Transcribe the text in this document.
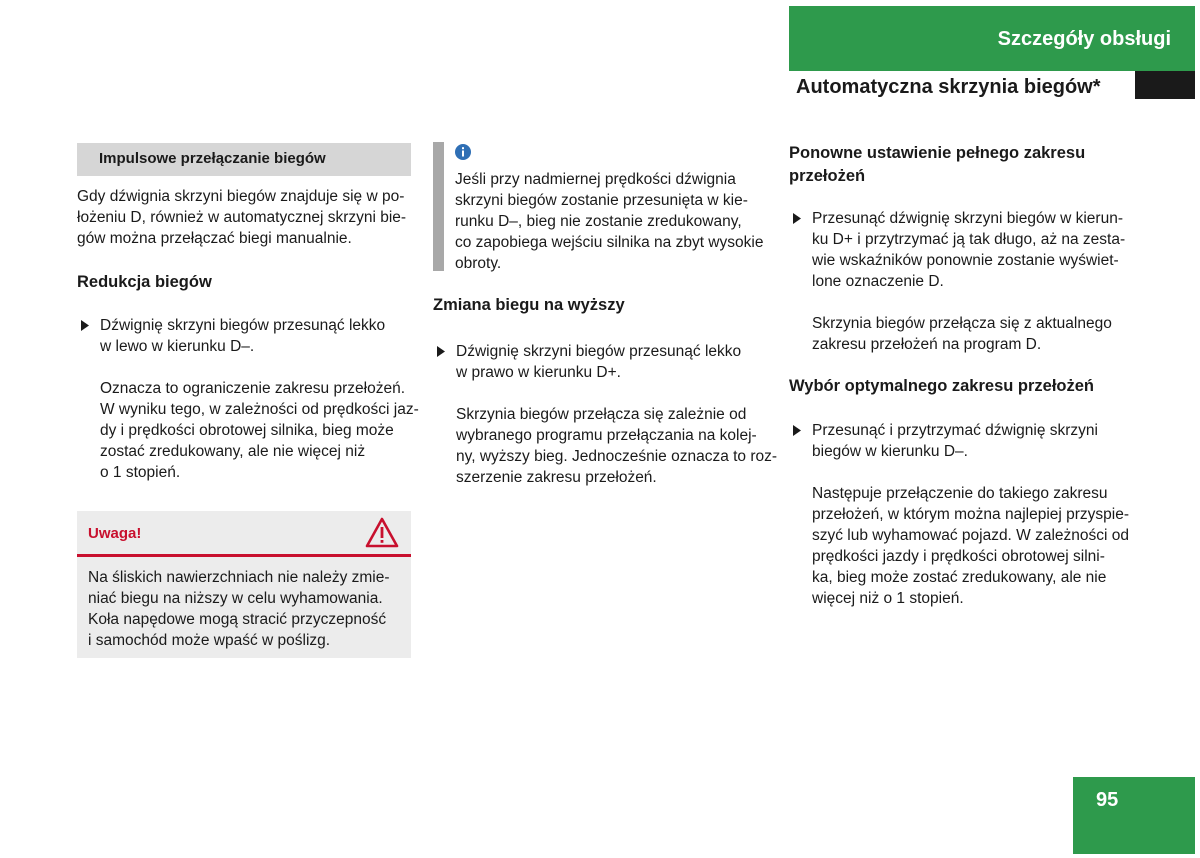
Szczegóły obsługi
Automatyczna skrzynia biegów*
Impulsowe przełączanie biegów

Gdy dźwignia skrzyni biegów znajduje się w po-

łożeniu D, również w automatycznej skrzyni bie-

gów można przełączać biegi manualnie.

Redukcja biegów

Dźwignię skrzyni biegów przesunąć lekko

w lewo w kierunku D–.

Oznacza to ograniczenie zakresu przełożeń.

W wyniku tego, w zależności od prędkości jaz-

dy i prędkości obrotowej silnika, bieg może

zostać zredukowany, ale nie więcej niż

o 1 stopień.

Uwaga!

Na śliskich nawierzchniach nie należy zmie-

niać biegu na niższy w celu wyhamowania.

Koła napędowe mogą stracić przyczepność

i samochód może wpaść w poślizg.

Jeśli przy nadmiernej prędkości dźwignia

skrzyni biegów zostanie przesunięta w kie-

runku D–, bieg nie zostanie zredukowany,

co zapobiega wejściu silnika na zbyt wysokie

obroty.

Zmiana biegu na wyższy

Dźwignię skrzyni biegów przesunąć lekko

w prawo w kierunku D+.

Skrzynia biegów przełącza się zależnie od

wybranego programu przełączania na kolej-

ny, wyższy bieg. Jednocześnie oznacza to roz-

szerzenie zakresu przełożeń.

Ponowne ustawienie pełnego zakresu
przełożeń

Przesunąć dźwignię skrzyni biegów w kierun-

ku D+ i przytrzymać ją tak długo, aż na zesta-

wie wskaźników ponownie zostanie wyświet-

lone oznaczenie D.

Skrzynia biegów przełącza się z aktualnego

zakresu przełożeń na program D.

Wybór optymalnego zakresu przełożeń

Przesunąć i przytrzymać dźwignię skrzyni

biegów w kierunku D–.

Następuje przełączenie do takiego zakresu

przełożeń, w którym można najlepiej przyspie-

szyć lub wyhamować pojazd. W zależności od

prędkości jazdy i prędkości obrotowej silni-

ka, bieg może zostać zredukowany, ale nie

więcej niż o 1 stopień.

95
